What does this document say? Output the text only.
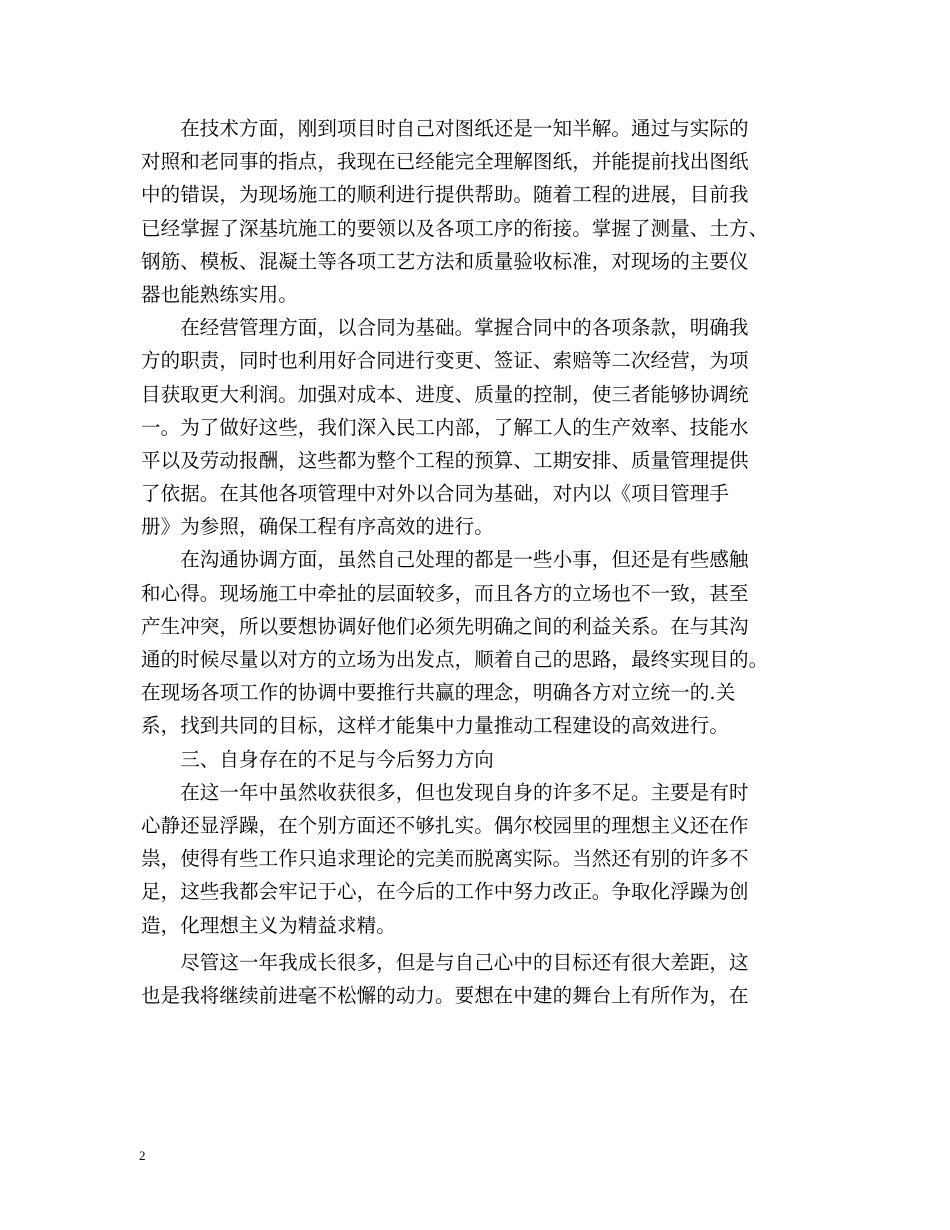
　　在技术方面，刚到项目时自己对图纸还是一知半解。通过与实际的
对照和老同事的指点，我现在已经能完全理解图纸，并能提前找出图纸
中的错误，为现场施工的顺利进行提供帮助。随着工程的进展，目前我
已经掌握了深基坑施工的要领以及各项工序的衔接。掌握了测量、土方、
钢筋、模板、混凝土等各项工艺方法和质量验收标准，对现场的主要仪
器也能熟练实用。
　　在经营管理方面，以合同为基础。掌握合同中的各项条款，明确我
方的职责，同时也利用好合同进行变更、签证、索赔等二次经营，为项
目获取更大利润。加强对成本、进度、质量的控制，使三者能够协调统
一。为了做好这些，我们深入民工内部，了解工人的生产效率、技能水
平以及劳动报酬，这些都为整个工程的预算、工期安排、质量管理提供
了依据。在其他各项管理中对外以合同为基础，对内以《项目管理手
册》为参照，确保工程有序高效的进行。
　　在沟通协调方面，虽然自己处理的都是一些小事，但还是有些感触
和心得。现场施工中牵扯的层面较多，而且各方的立场也不一致，甚至
产生冲突，所以要想协调好他们必须先明确之间的利益关系。在与其沟
通的时候尽量以对方的立场为出发点，顺着自己的思路，最终实现目的。
在现场各项工作的协调中要推行共赢的理念，明确各方对立统一的.关
系，找到共同的目标，这样才能集中力量推动工程建设的高效进行。
　　三、自身存在的不足与今后努力方向
　　在这一年中虽然收获很多，但也发现自身的许多不足。主要是有时
心静还显浮躁，在个别方面还不够扎实。偶尔校园里的理想主义还在作
祟，使得有些工作只追求理论的完美而脱离实际。当然还有别的许多不
足，这些我都会牢记于心，在今后的工作中努力改正。争取化浮躁为创
造，化理想主义为精益求精。
　　尽管这一年我成长很多，但是与自己心中的目标还有很大差距，这
也是我将继续前进毫不松懈的动力。要想在中建的舞台上有所作为，在
2
